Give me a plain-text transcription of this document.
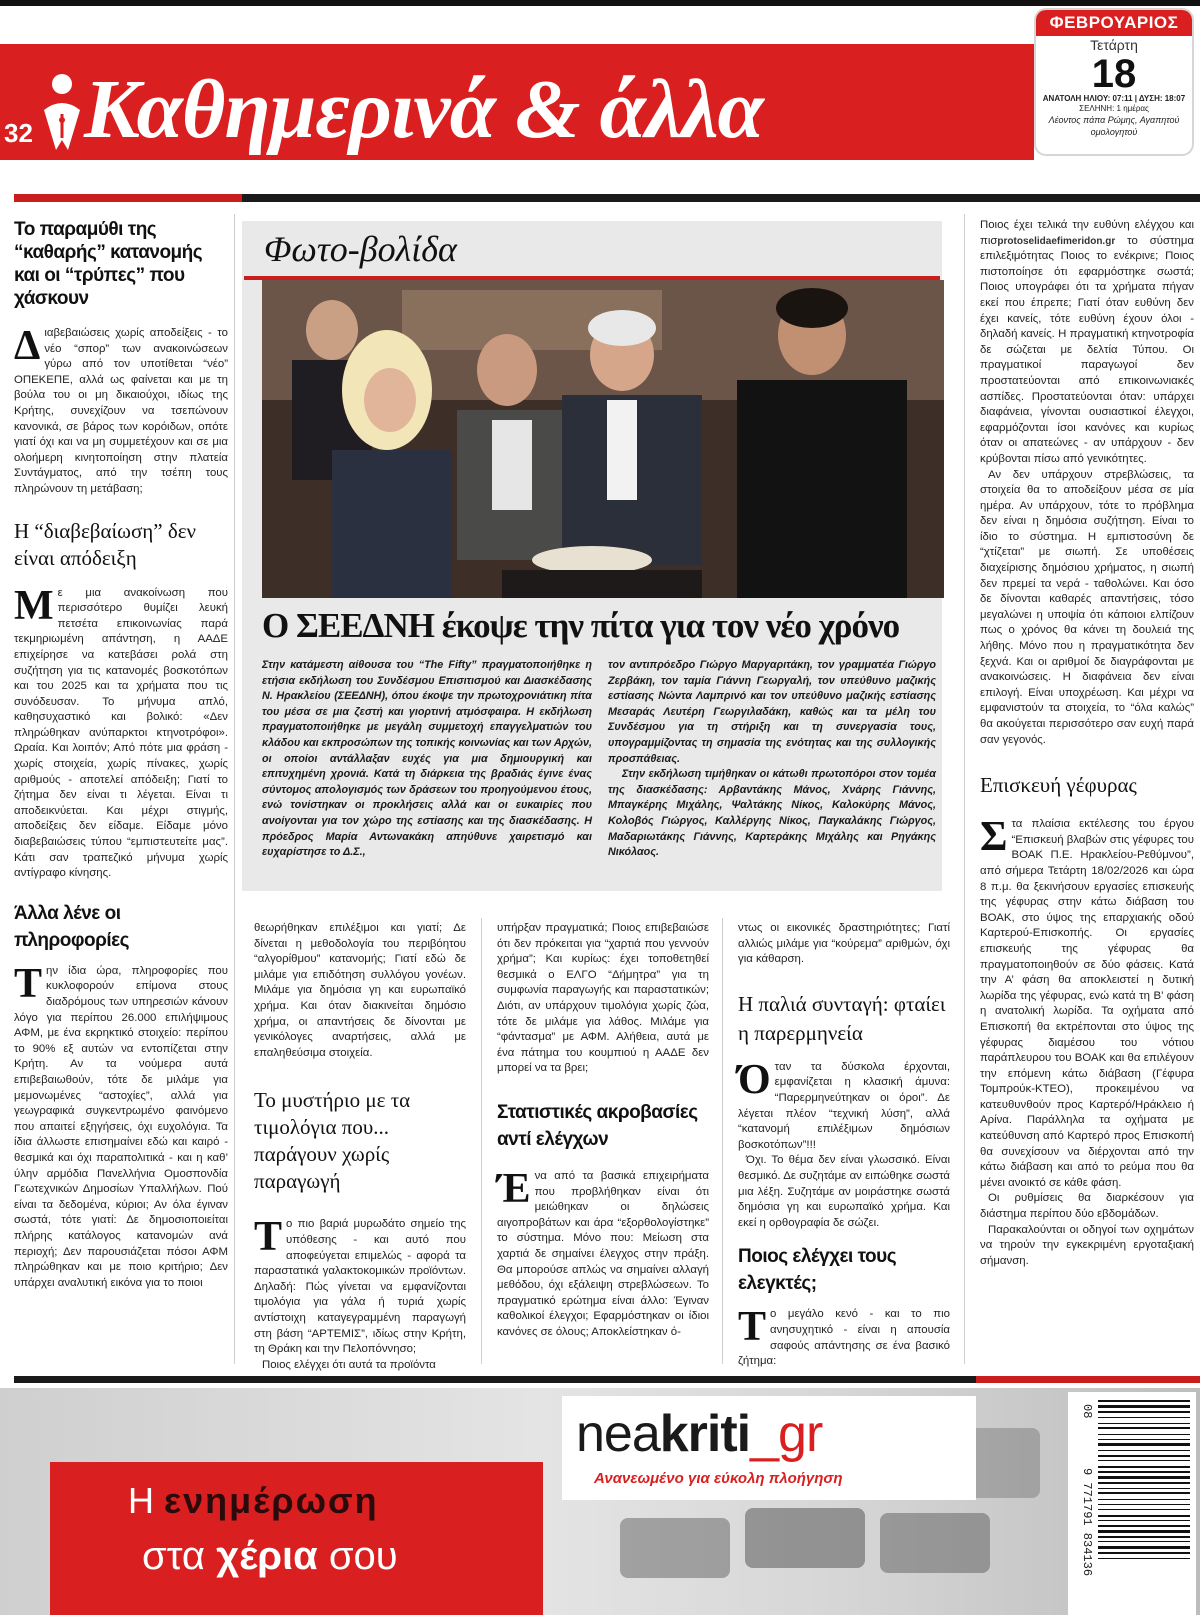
32 Καθημερινά & άλλα
ΦΕΒΡΟΥΑΡΙΟΣ
Τετάρτη
18
ΑΝΑΤΟΛΗ ΗΛΙΟΥ: 07:11 | ΔΥΣΗ: 18:07
ΣΕΛΗΝΗ: 1 ημέρας
Λέοντος πάπα Ρώμης, Αγαπητού ομολογητού
Το παραμύθι της “καθαρής” κατανομής και οι “τρύπες” που χάσκουν
Διαβεβαιώσεις χωρίς αποδείξεις - το νέο “σπορ” των ανακοινώσεων γύρω από τον υποτίθεται “νέο” ΟΠΕΚΕΠΕ, αλλά ως φαίνεται και με τη βούλα του οι μη δικαιούχοι, ιδίως της Κρήτης, συνεχίζουν να τσεπώνουν κανονικά, σε βάρος των κορόιδων, οπότε γιατί όχι και να μη συμμετέχουν και σε μια ολοήμερη κινητοποίηση στην πλατεία Συντάγματος, από την τσέπη τους πληρώνουν τη μετάβαση;
Η “διαβεβαίωση” δεν είναι απόδειξη
Με μια ανακοίνωση που περισσότερο θυμίζει λευκή πετσέτα επικοινωνίας παρά τεκμηριωμένη απάντηση, η ΑΑΔΕ επιχείρησε να κατεβάσει ρολά στη συζήτηση για τις κατανομές βοσκοτόπων και του 2025 και τα χρήματα που τις συνόδευσαν. Το μήνυμα απλό, καθησυχαστικό και βολικό: «Δεν πληρώθηκαν ανύπαρκτοι κτηνοτρόφοι». Ωραία. Και λοιπόν; Από πότε μια φράση - χωρίς στοιχεία, χωρίς πίνακες, χωρίς αριθμούς - αποτελεί απόδειξη; Γιατί το ζήτημα δεν είναι τι λέγεται. Είναι τι αποδεικνύεται. Και μέχρι στιγμής, αποδείξεις δεν είδαμε. Είδαμε μόνο διαβεβαιώσεις τύπου “εμπιστευτείτε μας”. Κάτι σαν τραπεζικό μήνυμα χωρίς αντίγραφο κίνησης.
Άλλα λένε οι πληροφορίες
Την ίδια ώρα, πληροφορίες που κυκλοφορούν επίμονα στους διαδρόμους των υπηρεσιών κάνουν λόγο για περίπου 26.000 επιλήψιμους ΑΦΜ, με ένα εκρηκτικό στοιχείο: περίπου το 90% εξ αυτών να εντοπίζεται στην Κρήτη. Αν τα νούμερα αυτά επιβεβαιωθούν, τότε δε μιλάμε για μεμονωμένες “αστοχίες”, αλλά για γεωγραφικά συγκεντρωμένο φαινόμενο που απαιτεί εξηγήσεις, όχι ευχολόγια. Τα ίδια άλλωστε επισημαίνει εδώ και καιρό - θεσμικά και όχι παραπολιτικά - και η καθ’ ύλην αρμόδια Πανελλήνια Ομοσπονδία Γεωτεχνικών Δημοσίων Υπαλλήλων. Πού είναι τα δεδομένα, κύριοι; Αν όλα έγιναν σωστά, τότε γιατί: Δε δημοσιοποιείται πλήρης κατάλογος κατανομών ανά περιοχή; Δεν παρουσιάζεται πόσοι ΑΦΜ πληρώθηκαν και με ποιο κριτήριο; Δεν υπάρχει αναλυτική εικόνα για το ποιοι
Φωτο-βολίδα
Ο ΣΕΕΔΝΗ έκοψε την πίτα για τον νέο χρόνο
Στην κατάμεστη αίθουσα του “The Fifty” πραγματοποιήθηκε η ετήσια εκδήλωση του Συνδέσμου Επισιτισμού και Διασκέδασης Ν. Ηρακλείου (ΣΕΕΔΝΗ), όπου έκοψε την πρωτοχρονιάτικη πίτα του μέσα σε μια ζεστή και γιορτινή ατμόσφαιρα. Η εκδήλωση πραγματοποιήθηκε με μεγάλη συμμετοχή επαγγελματιών του κλάδου και εκπροσώπων της τοπικής κοινωνίας και των Αρχών, οι οποίοι αντάλλαξαν ευχές για μια δημιουργική και επιτυχημένη χρονιά. Κατά τη διάρκεια της βραδιάς έγινε ένας σύντομος απολογισμός των δράσεων του προηγούμενου έτους, ενώ τονίστηκαν οι προκλήσεις αλλά και οι ευκαιρίες που ανοίγονται για τον χώρο της εστίασης και της διασκέδασης. Η πρόεδρος Μαρία Αντωνακάκη απηύθυνε χαιρετισμό και ευχαρίστησε το Δ.Σ.,
τον αντιπρόεδρο Γιώργο Μαργαριτάκη, τον γραμματέα Γιώργο Ζερβάκη, τον ταμία Γιάννη Γεωργαλή, τον υπεύθυνο μαζικής εστίασης Νώντα Λαμπρινό και τον υπεύθυνο μαζικής εστίασης Μεσαράς Λευτέρη Γεωργιλαδάκη, καθώς και τα μέλη του Συνδέσμου για τη στήριξη και τη συνεργασία τους, υπογραμμίζοντας τη σημασία της ενότητας και της συλλογικής προσπάθειας.
Στην εκδήλωση τιμήθηκαν οι κάτωθι πρωτοπόροι στον τομέα της διασκέδασης: Αρβαντάκης Μάνος, Χνάρης Γιάννης, Μπαγκέρης Μιχάλης, Ψαλτάκης Νίκος, Καλοκύρης Μάνος, Κολοβός Γιώργος, Καλλέργης Νίκος, Παγκαλάκης Γιώργος, Μαδαριωτάκης Γιάννης, Καρτεράκης Μιχάλης και Ρηγάκης Νικόλαος.
θεωρήθηκαν επιλέξιμοι και γιατί; Δε δίνεται η μεθοδολογία του περιβόητου “αλγορίθμου” κατανομής; Γιατί εδώ δε μιλάμε για επιδότηση συλλόγου γονέων. Μιλάμε για δημόσια γη και ευρωπαϊκό χρήμα. Και όταν διακινείται δημόσιο χρήμα, οι απαντήσεις δε δίνονται με γενικόλογες αναρτήσεις, αλλά με επαληθεύσιμα στοιχεία.
Το μυστήριο με τα τιμολόγια που... παράγουν χωρίς παραγωγή
Το πιο βαριά μυρωδάτο σημείο της υπόθεσης - και αυτό που αποφεύγεται επιμελώς - αφορά τα παραστατικά γαλακτοκομικών προϊόντων. Δηλαδή: Πώς γίνεται να εμφανίζονται τιμολόγια για γάλα ή τυριά χωρίς αντίστοιχη καταγεγραμμένη παραγωγή στη βάση “ΑΡΤΕΜΙΣ”, ιδίως στην Κρήτη, τη Θράκη και την Πελοπόννησο;

Ποιος ελέγχει ότι αυτά τα προϊόντα

υπήρξαν πραγματικά; Ποιος επιβεβαιώσε ότι δεν πρόκειται για “χαρτιά που γεννούν χρήμα”; Και κυρίως: έχει τοποθετηθεί θεσμικά ο ΕΛΓΟ “Δήμητρα” για τη συμφωνία παραγωγής και παραστατικών; Διότι, αν υπάρχουν τιμολόγια χωρίς ζώα, τότε δε μιλάμε για λάθος. Μιλάμε για “φάντασμα” με ΑΦΜ. Αλήθεια, αυτά με ένα πάτημα του κουμπιού η ΑΑΔΕ δεν μπορεί να τα βρει;
Στατιστικές ακροβασίες αντί ελέγχων
Ένα από τα βασικά επιχειρήματα που προβλήθηκαν είναι ότι μειώθηκαν οι δηλώσεις αιγοπροβάτων και άρα “εξορθολογίστηκε” το σύστημα. Μόνο που: Μείωση στα χαρτιά δε σημαίνει έλεγχος στην πράξη. Θα μπορούσε απλώς να σημαίνει αλλαγή μεθόδου, όχι εξάλειψη στρεβλώσεων. Το πραγματικό ερώτημα είναι άλλο: Έγιναν καθολικοί έλεγχοι; Εφαρμόστηκαν οι ίδιοι κανόνες σε όλους; Αποκλείστηκαν ό-
ντως οι εικονικές δραστηριότητες; Γιατί αλλιώς μιλάμε για “κούρεμα” αριθμών, όχι για κάθαρση.
Η παλιά συνταγή: φταίει η παρερμηνεία
Όταν τα δύσκολα έρχονται, εμφανίζεται η κλασική άμυνα: “Παρερμηνεύτηκαν οι όροι”. Δε λέγεται πλέον “τεχνική λύση”, αλλά “κατανομή επιλέξιμων δημόσιων βοσκοτόπων”!!!

Όχι. Το θέμα δεν είναι γλωσσικό. Είναι θεσμικό. Δε συζητάμε αν ειπώθηκε σωστά μια λέξη. Συζητάμε αν μοιράστηκε σωστά δημόσια γη και ευρωπαϊκό χρήμα. Και εκεί η ορθογραφία δε σώζει.

Ποιος ελέγχει τους ελεγκτές;
Το μεγάλο κενό - και το πιο ανησυχητικό - είναι η απουσία σαφούς απάντησης σε ένα βασικό ζήτημα:
Ποιος έχει τελικά την ευθύνη ελέγχου και πισprotoselidaefimeridon.gr το σύστημα επιλεξιμότητας Ποιος το ενέκρινε; Ποιος πιστοποίησε ότι εφαρμόστηκε σωστά; Ποιος υπογράφει ότι τα χρήματα πήγαν εκεί που έπρεπε; Γιατί όταν ευθύνη δεν έχει κανείς, τότε ευθύνη έχουν όλοι - δηλαδή κανείς. Η πραγματική κτηνοτροφία δε σώζεται με δελτία Τύπου. Οι πραγματικοί παραγωγοί δεν προστατεύονται από επικοινωνιακές ασπίδες. Προστατεύονται όταν: υπάρχει διαφάνεια, γίνονται ουσιαστικοί έλεγχοι, εφαρμόζονται ίσοι κανόνες και κυρίως όταν οι απατεώνες - αν υπάρχουν - δεν κρύβονται πίσω από γενικότητες.

Αν δεν υπάρχουν στρεβλώσεις, τα στοιχεία θα το αποδείξουν μέσα σε μία ημέρα. Αν υπάρχουν, τότε το πρόβλημα δεν είναι η δημόσια συζήτηση. Είναι το ίδιο το σύστημα. Η εμπιστοσύνη δε “χτίζεται” με σιωπή. Σε υποθέσεις διαχείρισης δημόσιου χρήματος, η σιωπή δεν πρεμεί τα νερά - ταθολώνει. Και όσο δε δίνονται καθαρές απαντήσεις, τόσο μεγαλώνει η υποψία ότι κάποιοι ελπίζουν πως ο χρόνος θα κάνει τη δουλειά της λήθης. Μόνο που η πραγματικότητα δεν ξεχνά. Και οι αριθμοί δε διαγράφονται με ανακοινώσεις. Η διαφάνεια δεν είναι επιλογή. Είναι υποχρέωση. Και μέχρι να εμφανιστούν τα στοιχεία, το “όλα καλώς” θα ακούγεται περισσότερο σαν ευχή παρά σαν γεγονός.

Επισκευή γέφυρας
Στα πλαίσια εκτέλεσης του έργου “Επισκευή βλαβών στις γέφυρες του ΒΟΑΚ Π.Ε. Ηρακλείου-Ρεθύμνου”, από σήμερα Τετάρτη 18/02/2026 και ώρα 8 π.μ. θα ξεκινήσουν εργασίες επισκευής της γέφυρας στην κάτω διάβαση του ΒΟΑΚ, στο ύψος της επαρχιακής οδού Καρτερού-Επισκοπής. Οι εργασίες επισκευής της γέφυρας θα πραγματοποιηθούν σε δύο φάσεις. Κατά την Α’ φάση θα αποκλειστεί η δυτική λωρίδα της γέφυρας, ενώ κατά τη Β’ φάση η ανατολική λωρίδα. Τα οχήματα από Επισκοπή θα εκτρέπονται στο ύψος της γέφυρας διαμέσου του νότιου παράπλευρου του ΒΟΑΚ και θα επιλέγουν την επόμενη κάτω διάβαση (Γέφυρα Τομπρούκ-ΚΤΕΟ), προκειμένου να κατευθυνθούν προς Καρτερό/Ηράκλειο ή Αρίνα. Παράλληλα τα οχήματα με κατεύθυνση από Καρτερό προς Επισκοπή θα συνεχίσουν να διέρχονται από την κάτω διάβαση και από το ρεύμα που θα μένει ανοικτό σε κάθε φάση.

Οι ρυθμίσεις θα διαρκέσουν για διάστημα περίπου δύο εβδομάδων.

Παρακαλούνται οι οδηγοί των οχημάτων να τηρούν την εγκεκριμένη εργοταξιακή σήμανση.

Η ενημέρωση
στα χέρια σου
neakriti_gr
Ανανεωμένο για εύκολη πλοήγηση
08
9 771791 834136
